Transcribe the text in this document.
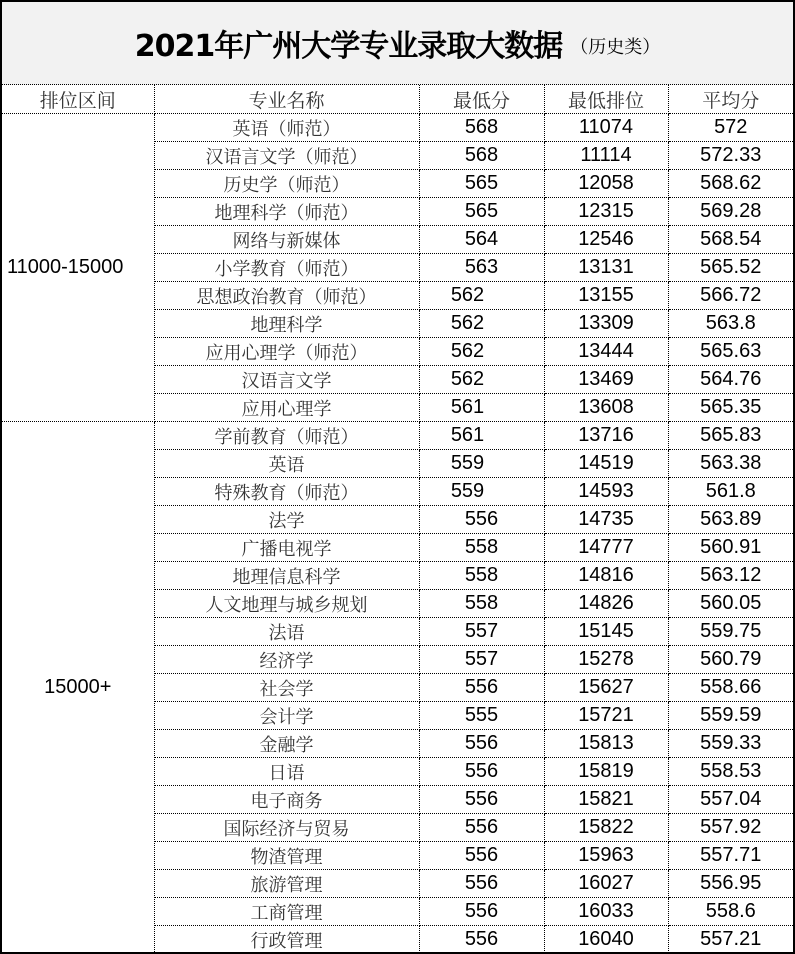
2021年广州大学专业录取大数据 （历史类）
排位区间	专业名称	最低分	最低排位	平均分
11000-15000	英语（师范）	568	11074	572
	汉语言文学（师范）	568	11114	572.33
	历史学（师范）	565	12058	568.62
	地理科学（师范）	565	12315	569.28
	网络与新媒体	564	12546	568.54
	小学教育（师范）	563	13131	565.52
	思想政治教育（师范）	562	13155	566.72
	地理科学	562	13309	563.8
	应用心理学（师范）	562	13444	565.63
	汉语言文学	562	13469	564.76
	应用心理学	561	13608	565.35
15000+	学前教育（师范）	561	13716	565.83
	英语	559	14519	563.38
	特殊教育（师范）	559	14593	561.8
	法学	556	14735	563.89
	广播电视学	558	14777	560.91
	地理信息科学	558	14816	563.12
	人文地理与城乡规划	558	14826	560.05
	法语	557	15145	559.75
	经济学	557	15278	560.79
	社会学	556	15627	558.66
	会计学	555	15721	559.59
	金融学	556	15813	559.33
	日语	556	15819	558.53
	电子商务	556	15821	557.04
	国际经济与贸易	556	15822	557.92
	物渣管理	556	15963	557.71
	旅游管理	556	16027	556.95
	工商管理	556	16033	558.6
	行政管理	556	16040	557.21
